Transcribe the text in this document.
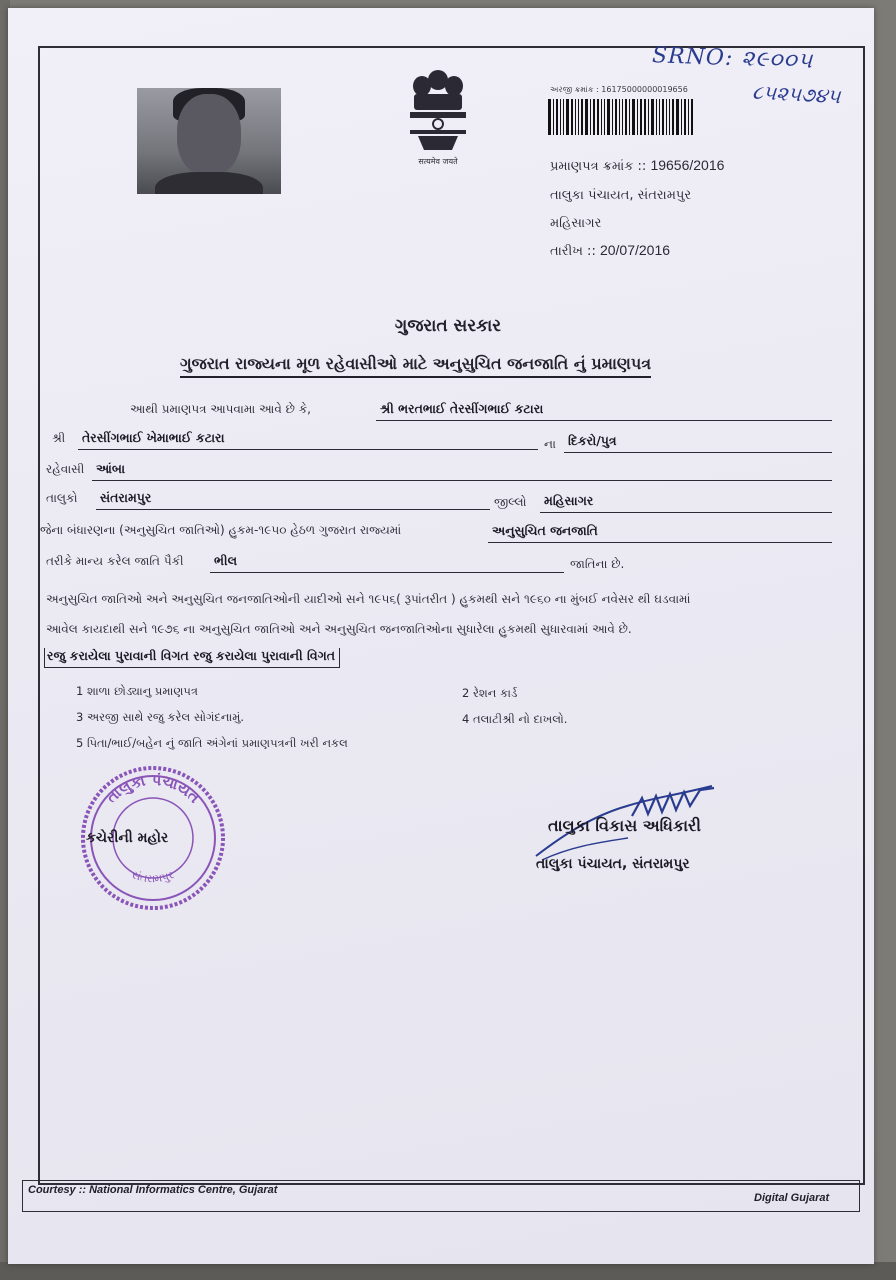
सत्यमेव जयते
SRNO: ૨૯૦૦૫
૮૫૨૫૭૪૫
અરજી ક્રમાંક : 16175000000019656
પ્રમાણપત્ર ક્રમાંક :: 19656/2016
તાલુકા પંચાયત, સંતરામપુર
મહિસાગર
તારીખ :: 20/07/2016
ગુજરાત સરકાર
ગુજરાત રાજ્યના મૂળ રહેવાસીઓ માટે અનુસુચિત જનજાતિ નું પ્રમાણપત્ર
આથી પ્રમાણપત્ર આપવામા આવે છે કે,	શ્રી ભરતભાઈ તેરસીંગભાઈ કટારા
શ્રી	તેરસીંગભાઈ ખેમાભાઈ કટારા	ના દિકરો/પુત્ર
રહેવાસી આંબા
તાલુકો	સંતરામપુર	જીલ્લો	મહિસાગર
જેના બંધારણના (અનુસુચિત જાતિઓ) હુકમ-૧૯૫૦ હેઠળ ગુજરાત રાજ્યમાં	અનુસુચિત જનજાતિ
તરીકે માન્ય કરેલ જાતિ પૈકી	ભીલ	જાતિના છે.
અનુસુચિત જાતિઓ અને અનુસુચિત જનજાતિઓની યાદીઓ સને ૧૯૫૬( રૂપાંતરીત ) હુકમથી સને ૧૯૬૦ ના મુંબઈ નવેસર થી ઘડવામાં
આવેલ કાયદાથી સને ૧૯૭૬ ના અનુસુચિત જાતિઓ અને અનુસુચિત જનજાતિઓના સુધારેલા હુકમથી સુધારવામાં આવે છે.
રજુ કરાયેલા પુરાવાની વિગત રજુ કરાયેલા પુરાવાની વિગત
1 શાળા છોડ્યાનુ પ્રમાણપત્ર	2 રેશન કાર્ડ
3 અરજી સાથે રજુ કરેલ સોગંદનામું.	4 તલાટીશ્રી નો દાખલો.
5 પિતા/ભાઈ/બહેન નું જાતિ અંગેનાં પ્રમાણપત્રની ખરી નકલ
તાલુકા પંચાયત
સંતરામપુર
કચેરીની મહોર
તાલુકા વિકાસ અધિકારી
તાલુકા પંચાયત, સંતરામપુર
Courtesy :: National Informatics Centre, Gujarat
Digital Gujarat
